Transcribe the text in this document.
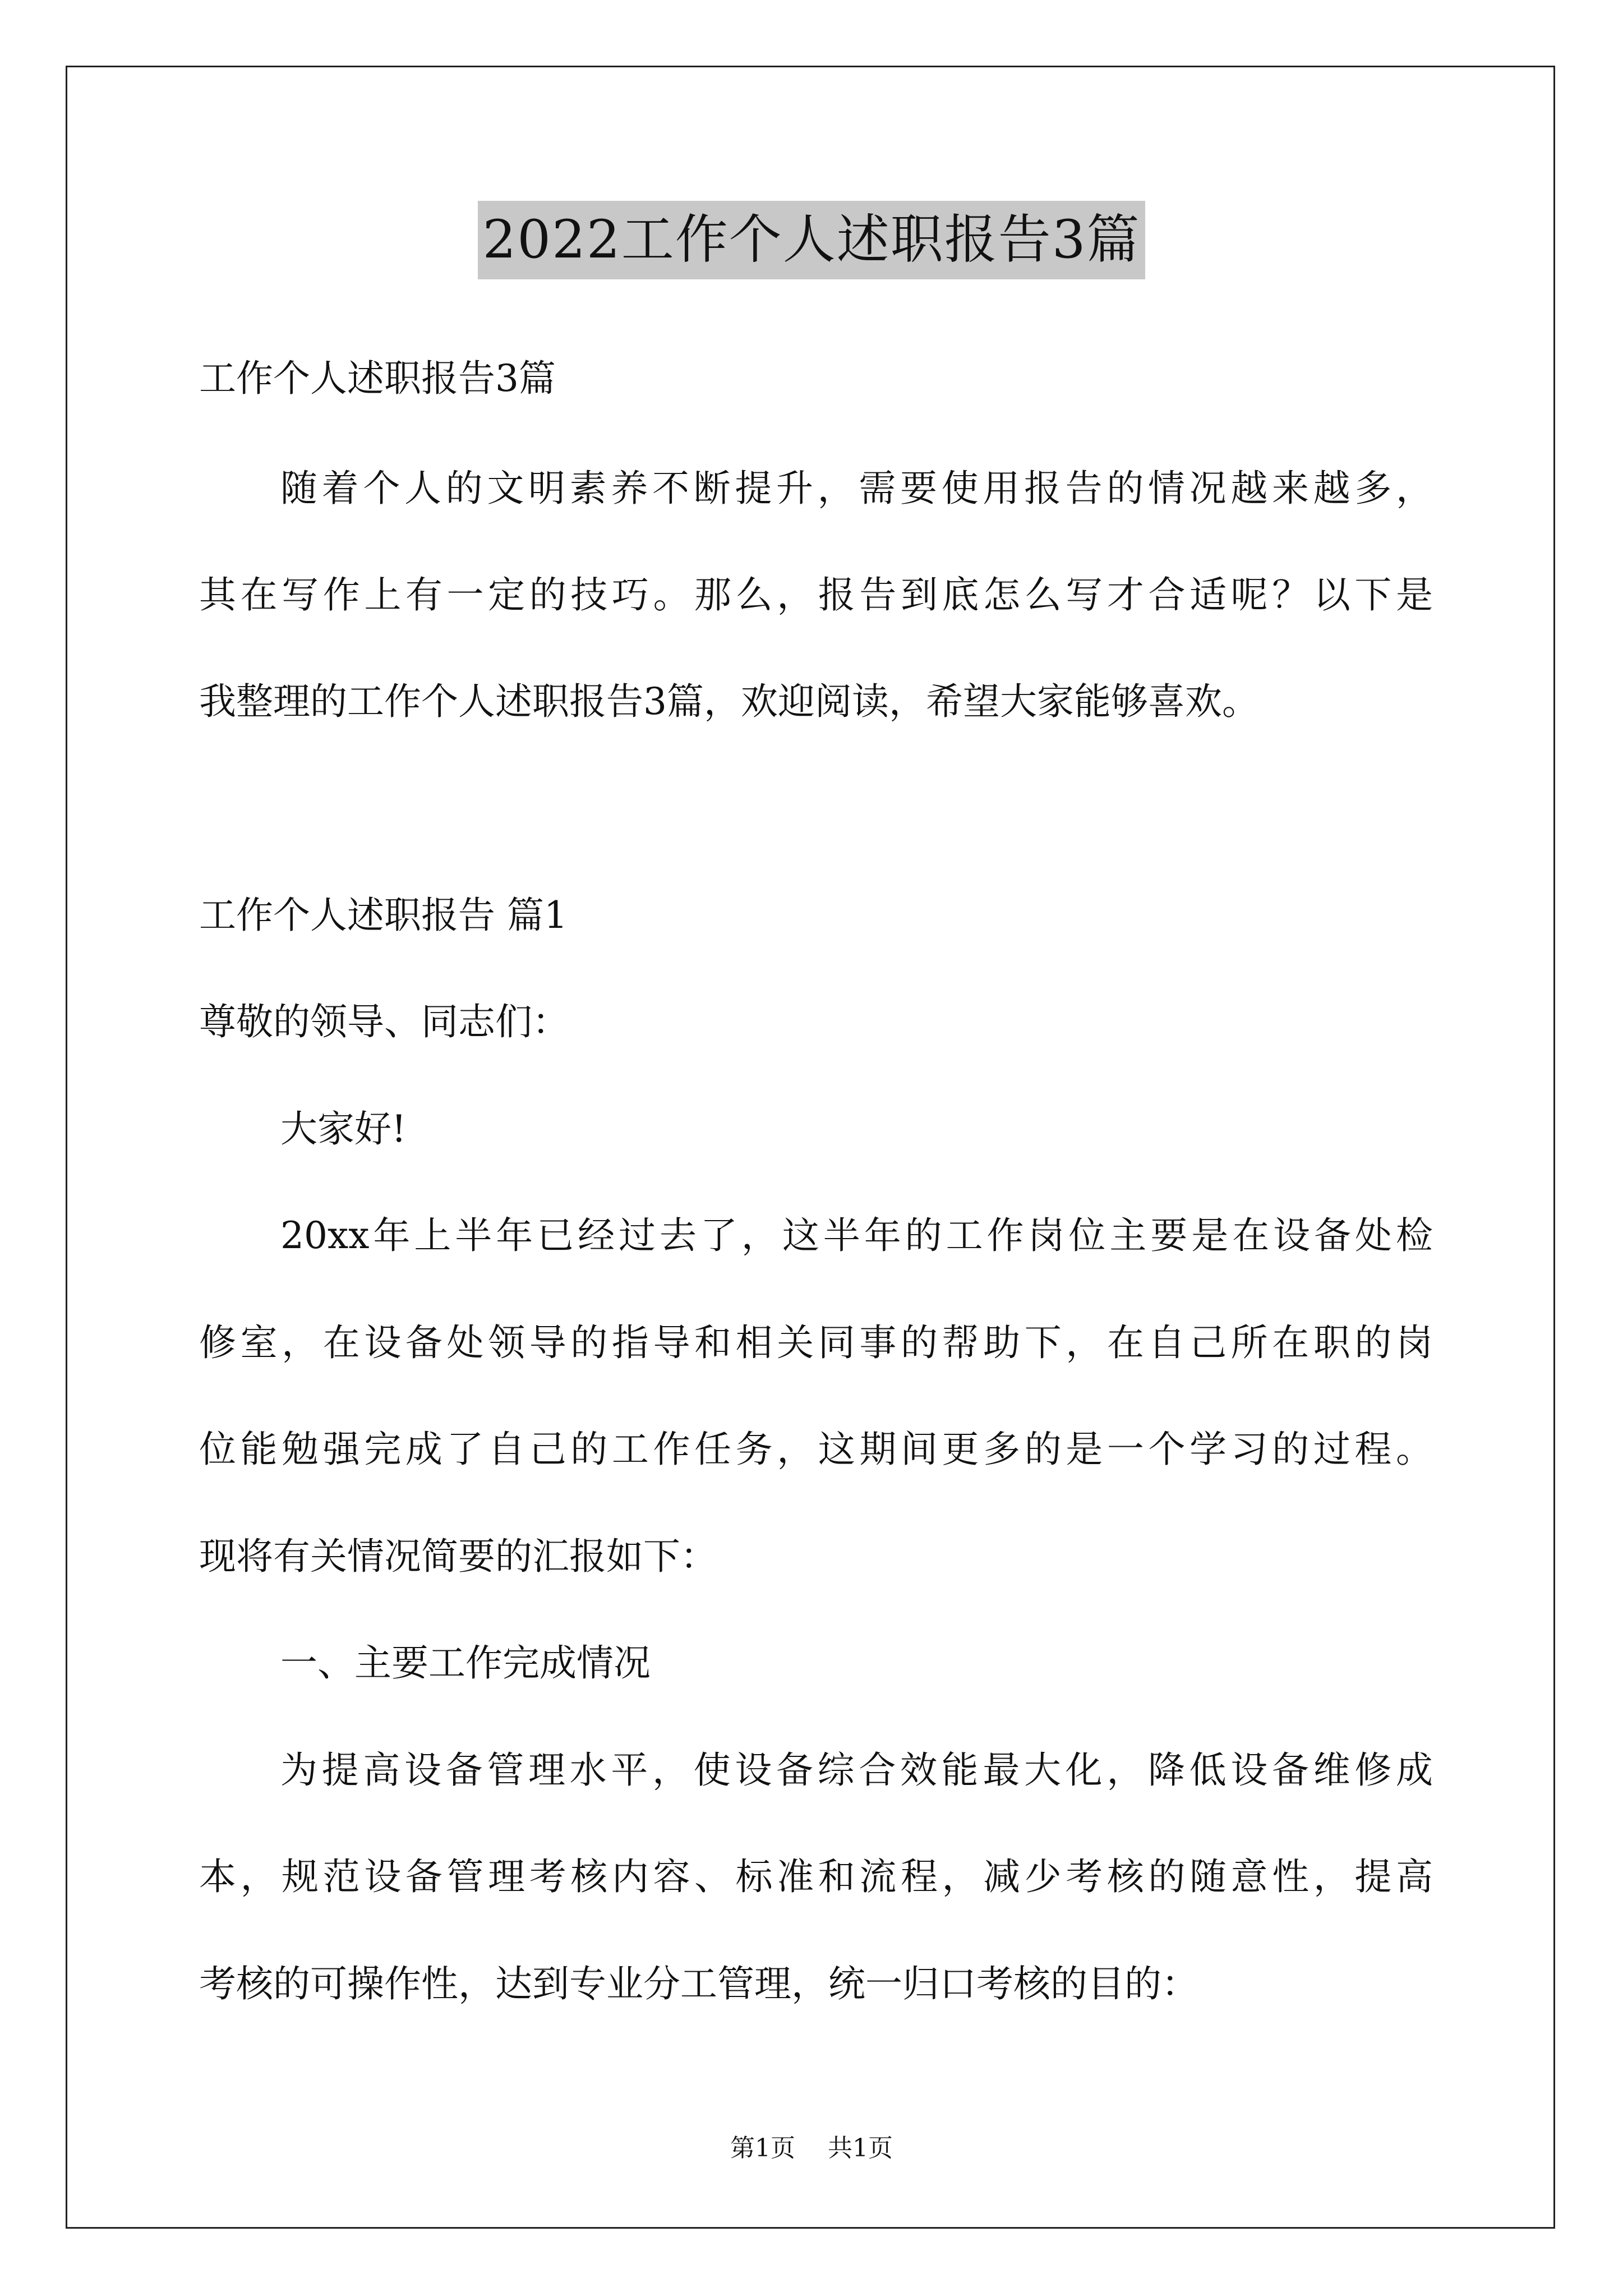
2022工作个人述职报告3篇
工作个人述职报告3篇
随着个人的文明素养不断提升，需要使用报告的情况越来越多，
其在写作上有一定的技巧。那么，报告到底怎么写才合适呢？以下是
我整理的工作个人述职报告3篇，欢迎阅读，希望大家能够喜欢。
工作个人述职报告 篇1
尊敬的领导、同志们：
大家好!
20xx年上半年已经过去了，这半年的工作岗位主要是在设备处检
修室，在设备处领导的指导和相关同事的帮助下，在自己所在职的岗
位能勉强完成了自己的工作任务，这期间更多的是一个学习的过程。
现将有关情况简要的汇报如下：
一、主要工作完成情况
为提高设备管理水平，使设备综合效能最大化，降低设备维修成
本，规范设备管理考核内容、标准和流程，减少考核的随意性，提高
考核的可操作性，达到专业分工管理，统一归口考核的目的：
第1页 共1页
